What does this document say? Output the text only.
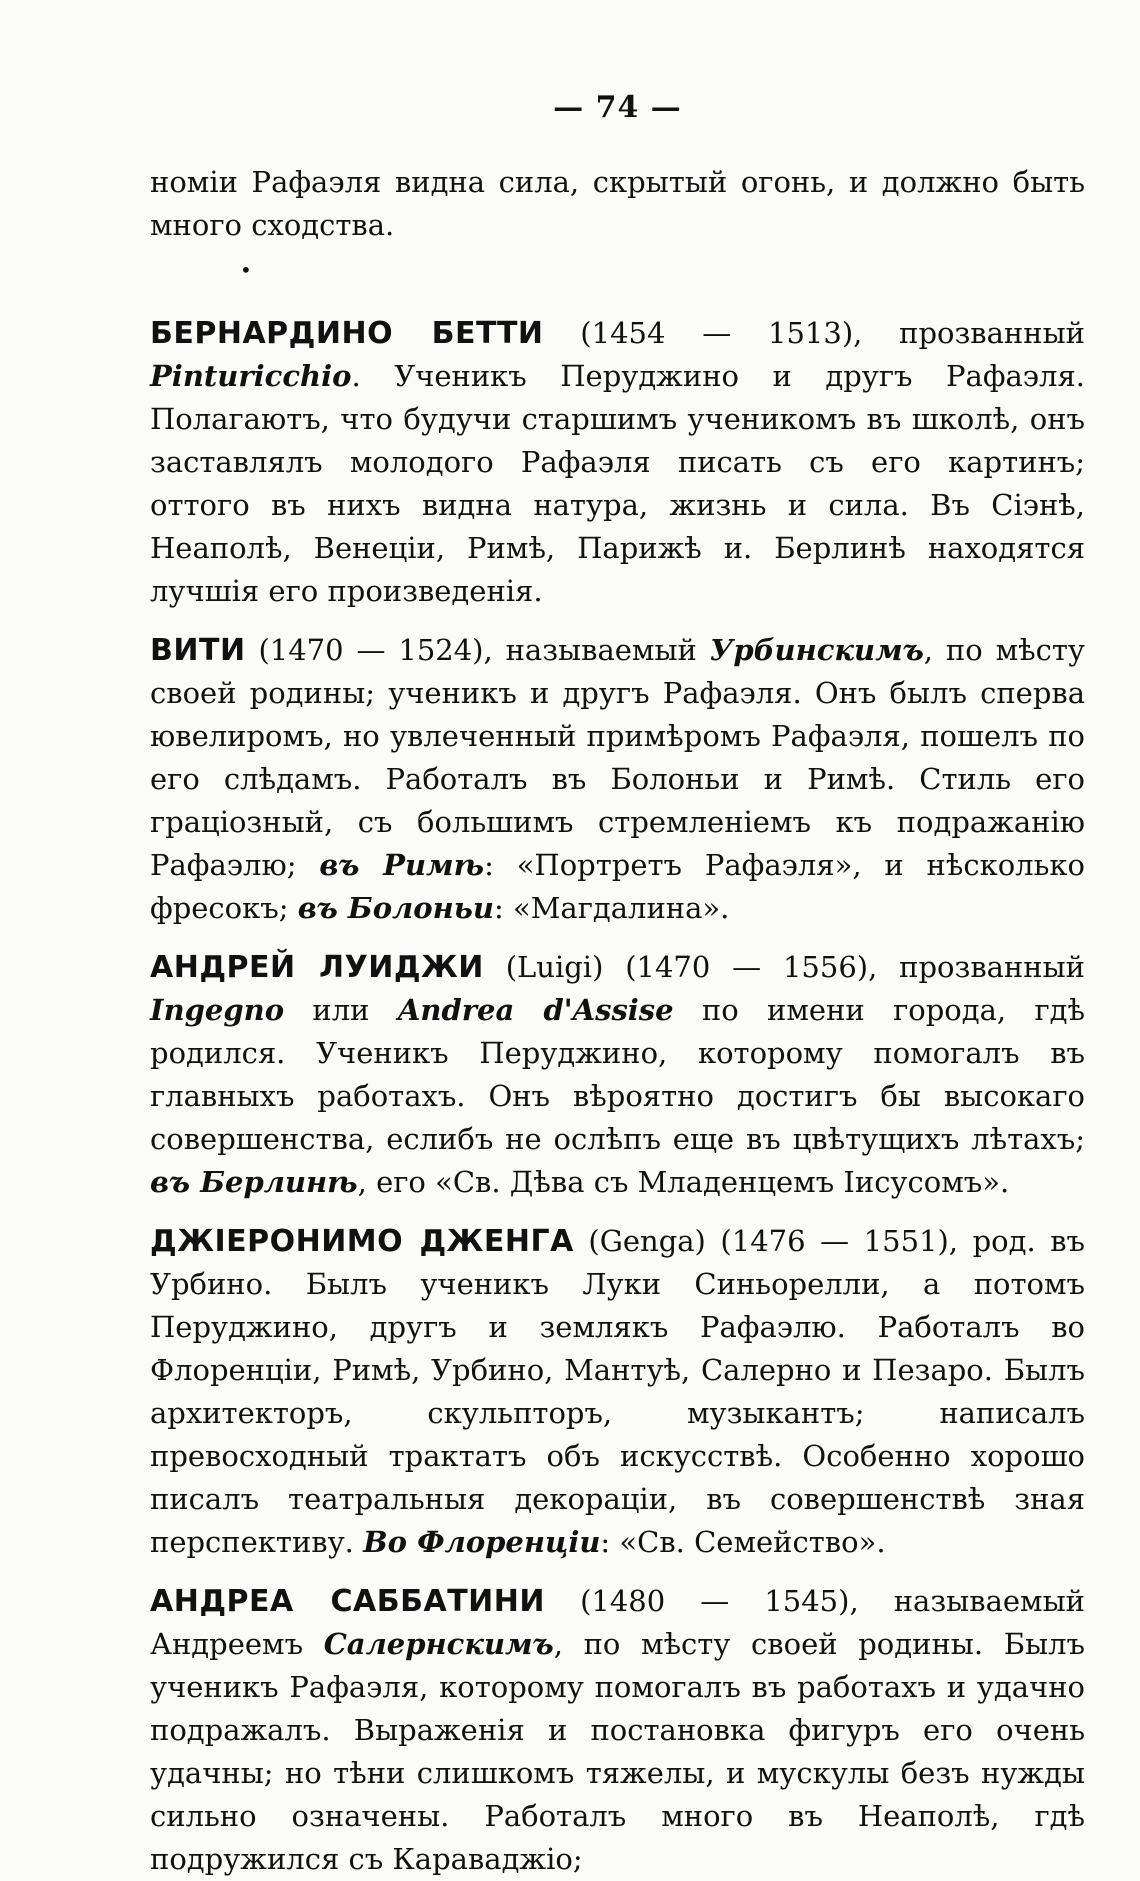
— 74 —

номіи Рафаэля видна сила, скрытый огонь, и должно быть много сходства.
•

БЕРНАРДИНО БЕТТИ (1454 — 1513), прозванный Pinturicchio. Ученикъ Перуджино и другъ Рафаэля. Полагаютъ, что будучи старшимъ ученикомъ въ школѣ, онъ заставлялъ молодого Рафаэля писать съ его картинъ; оттого въ нихъ видна натура, жизнь и сила. Въ Сіэнѣ, Неаполѣ, Венеціи, Римѣ, Парижѣ и. Берлинѣ находятся лучшія его произведенія.

ВИТИ (1470 — 1524), называемый Урбинскимъ, по мѣсту своей родины; ученикъ и другъ Рафаэля. Онъ былъ сперва ювелиромъ, но увлеченный примѣромъ Рафаэля, пошелъ по его слѣдамъ. Работалъ въ Болоньи и Римѣ. Стиль его граціозный, съ большимъ стремленіемъ къ подражанію Рафаэлю; въ Римѣ: «Портретъ Рафаэля», и нѣсколько фресокъ; въ Болоньи: «Магдалина».

АНДРЕЙ ЛУИДЖИ (Luigi) (1470 — 1556), прозванный Ingegno или Andrea d'Assise по имени города, гдѣ родился. Ученикъ Перуджино, которому помогалъ въ главныхъ работахъ. Онъ вѣроятно достигъ бы высокаго совершенства, еслибъ не ослѣпъ еще въ цвѣтущихъ лѣтахъ; въ Берлинѣ, его «Св. Дѣва съ Младенцемъ Іисусомъ».

ДЖІЕРОНИМО ДЖЕНГА (Genga) (1476 — 1551), род. въ Урбино. Былъ ученикъ Луки Синьорелли, а потомъ Перуджино, другъ и землякъ Рафаэлю. Работалъ во Флоренціи, Римѣ, Урбино, Мантуѣ, Салерно и Пезаро. Былъ архитекторъ, скульпторъ, музыкантъ; написалъ превосходный трактатъ объ искусствѣ. Особенно хорошо писалъ театральныя декораціи, въ совершенствѣ зная перспективу. Во Флоренціи: «Св. Семейство».

АНДРЕА САББАТИНИ (1480 — 1545), называемый Андреемъ Салернскимъ, по мѣсту своей родины. Былъ ученикъ Рафаэля, которому помогалъ въ работахъ и удачно подражалъ. Выраженія и постановка фигуръ его очень удачны; но тѣни слишкомъ тяжелы, и мускулы безъ нужды сильно означены. Работалъ много въ Неаполѣ, гдѣ подружился съ Караваджіо;
